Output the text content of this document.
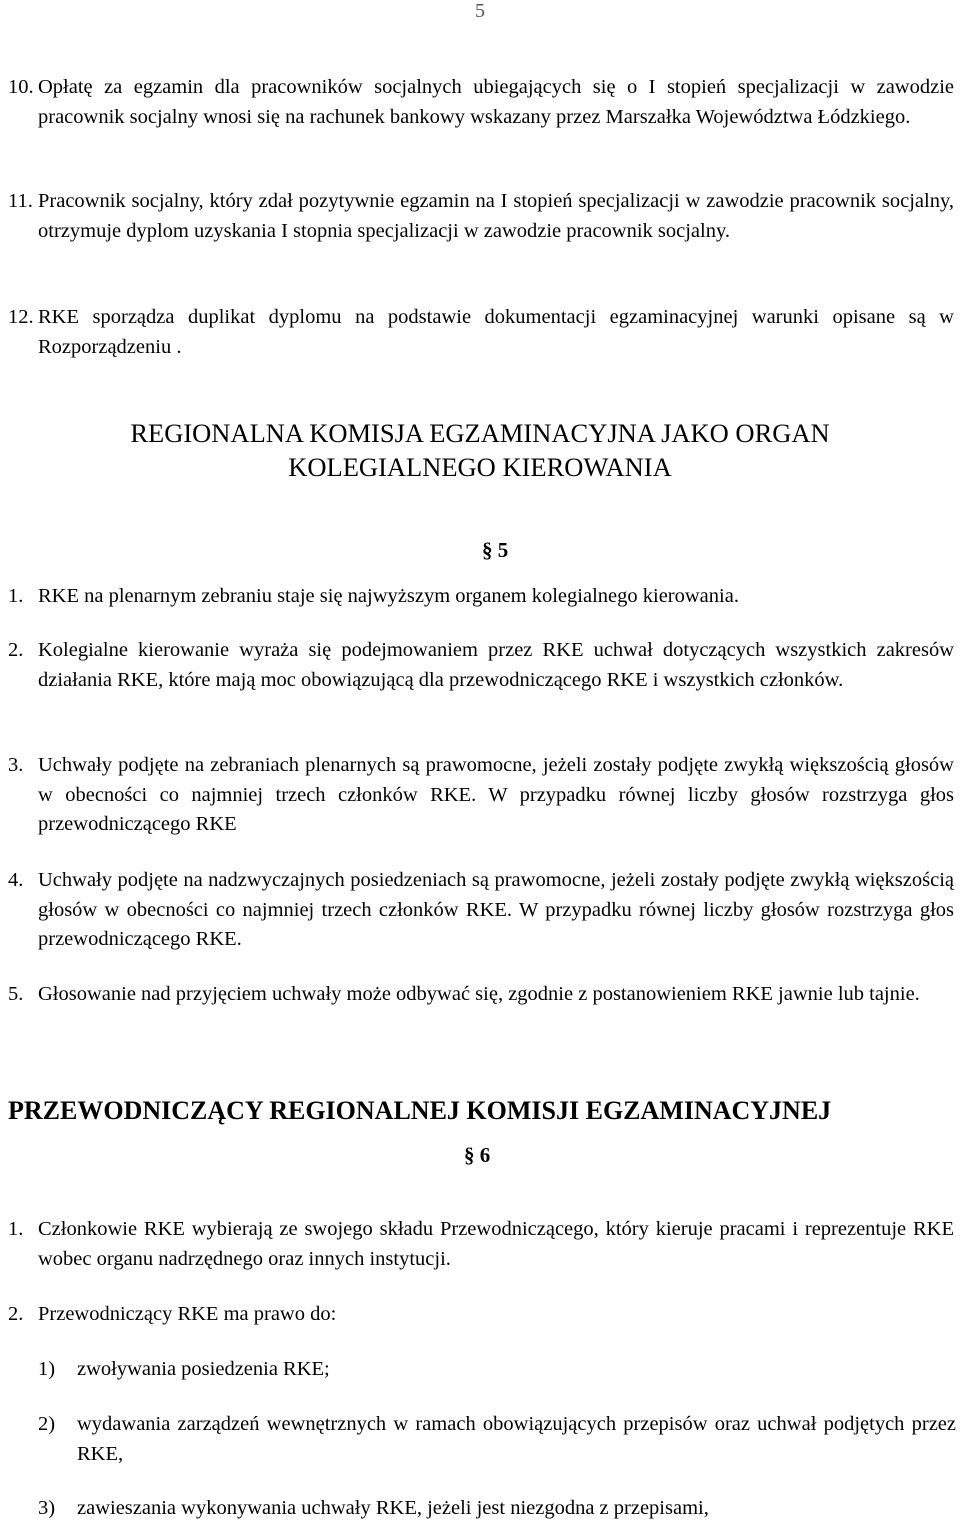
5
10. Opłatę za egzamin dla pracowników socjalnych ubiegających się o I stopień specjalizacji w zawodzie pracownik socjalny wnosi się na rachunek bankowy wskazany przez Marszałka Województwa Łódzkiego.
11. Pracownik socjalny, który zdał pozytywnie egzamin na I stopień specjalizacji w zawodzie pracownik socjalny, otrzymuje dyplom uzyskania I stopnia specjalizacji w zawodzie pracownik socjalny.
12. RKE sporządza duplikat dyplomu na podstawie dokumentacji egzaminacyjnej warunki opisane są w Rozporządzeniu .
REGIONALNA KOMISJA EGZAMINACYJNA JAKO ORGAN
KOLEGIALNEGO KIEROWANIA
§ 5
1. RKE na plenarnym zebraniu staje się najwyższym organem kolegialnego kierowania.
2. Kolegialne kierowanie wyraża się podejmowaniem przez RKE uchwał dotyczących wszystkich zakresów działania RKE, które mają moc obowiązującą dla przewodniczącego RKE i wszystkich członków.
3. Uchwały podjęte na zebraniach plenarnych są prawomocne, jeżeli zostały podjęte zwykłą większością głosów w obecności co najmniej trzech członków RKE. W przypadku równej liczby głosów rozstrzyga głos przewodniczącego RKE
4. Uchwały podjęte na nadzwyczajnych posiedzeniach są prawomocne, jeżeli zostały podjęte zwykłą większością głosów w obecności co najmniej trzech członków RKE. W przypadku równej liczby głosów rozstrzyga głos przewodniczącego RKE.
5. Głosowanie nad przyjęciem uchwały może odbywać się, zgodnie z postanowieniem RKE jawnie lub tajnie.
PRZEWODNICZĄCY REGIONALNEJ KOMISJI EGZAMINACYJNEJ
§ 6
1. Członkowie RKE wybierają ze swojego składu Przewodniczącego, który kieruje pracami i reprezentuje RKE wobec organu nadrzędnego oraz innych instytucji.
2. Przewodniczący RKE ma prawo do:
1) zwoływania posiedzenia RKE;
2) wydawania zarządzeń wewnętrznych w ramach obowiązujących przepisów oraz uchwał podjętych przez RKE,
3) zawieszania wykonywania uchwały RKE, jeżeli jest niezgodna z przepisami,
